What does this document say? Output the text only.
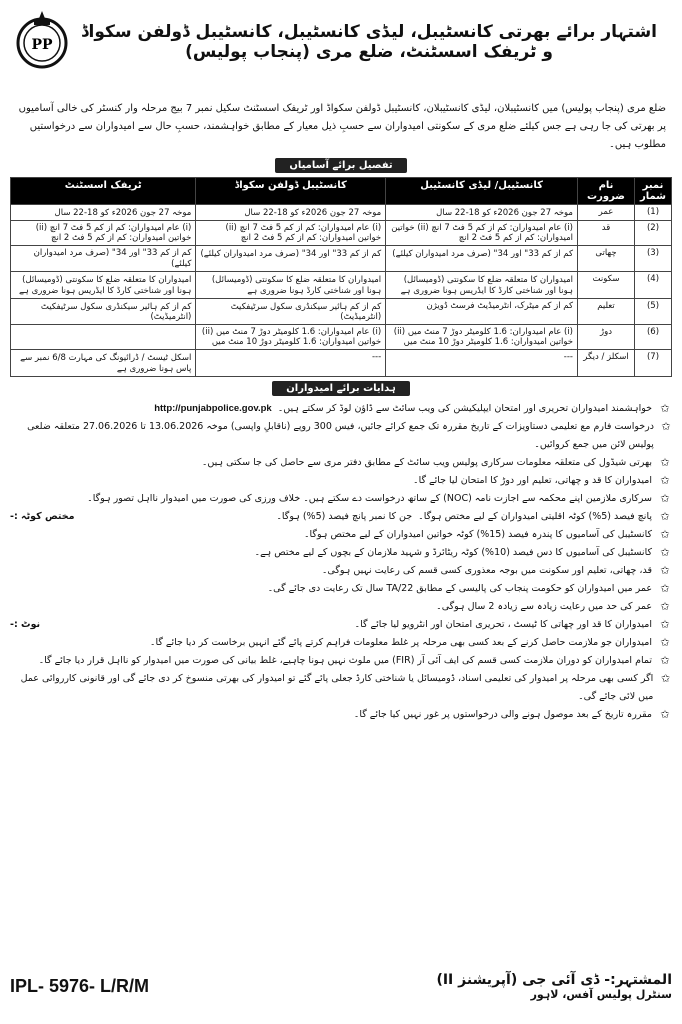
PP
اشتہار برائے بھرتی کانسٹیبل، لیڈی کانسٹیبل، کانسٹیبل ڈولفن سکواڈ و ٹریفک اسسٹنٹ، ضلع مری (پنجاب پولیس)
ضلع مری (پنجاب پولیس) میں کانسٹیبلان، لیڈی کانسٹیبلان، کانسٹیبل ڈولفن سکواڈ اور ٹریفک اسسٹنٹ سکیل نمبر 7 بیج مرحلہ وار کنسٹر کی خالی آسامیوں پر بھرتی کی جا رہی ہے جس کیلئے ضلع مری کے سکونتی امیدواران سے حسبِ ذیل معیار کے مطابق خواہشمند، حسبِ حال سے امیدواران سے درخواستیں مطلوب ہیں۔
تفصیل برائے آسامیاں
نمبر شمار	نام ضرورت	کانسٹیبل/ لیڈی کانسٹیبل	کانسٹیبل ڈولفن سکواڈ	ٹریفک اسسٹنٹ
(1)	عمر	موخہ 27 جون 2026ء کو 18-22 سال	موخہ 27 جون 2026ء کو 18-22 سال	موخہ 27 جون 2026ء کو 18-22 سال
(2)	قد	(i) عام امیدواران: کم از کم 5 فٹ 7 انچ (ii) خواتین امیدواران: کم از کم 5 فٹ 2 انچ	(i) عام امیدواران: کم از کم 5 فٹ 7 انچ (ii) خواتین امیدواران: کم از کم 5 فٹ 2 انچ	(i) عام امیدواران: کم از کم 5 فٹ 7 انچ (ii) خواتین امیدواران: کم از کم 5 فٹ 2 انچ
(3)	چھاتی	کم از کم 33" اور 34" (صرف مرد امیدواران کیلئے)	کم از کم 33" اور 34" (صرف مرد امیدواران کیلئے)	کم از کم 33" اور 34" (صرف مرد امیدواران کیلئے)
(4)	سکونت	امیدواران کا متعلقہ ضلع کا سکونتی (ڈومیسائل) ہونا اور شناختی کارڈ کا ایڈریس ہونا ضروری ہے	امیدواران کا متعلقہ ضلع کا سکونتی (ڈومیسائل) ہونا اور شناختی کارڈ ہونا ضروری ہے	امیدواران کا متعلقہ ضلع کا سکونتی (ڈومیسائل) ہونا اور شناختی کارڈ کا ایڈریس ہونا ضروری ہے
(5)	تعلیم	کم از کم میٹرک، انٹرمیڈیٹ فرسٹ ڈویژن	کم از کم ہائیر سیکنڈری سکول سرٹیفکیٹ (انٹرمیڈیٹ)	کم از کم ہائیر سیکنڈری سکول سرٹیفکیٹ (انٹرمیڈیٹ)
(6)	دوڑ	(i) عام امیدواران: 1.6 کلومیٹر دوڑ 7 منٹ میں (ii) خواتین امیدواران: 1.6 کلومیٹر دوڑ 10 منٹ میں	(i) عام امیدواران: 1.6 کلومیٹر دوڑ 7 منٹ میں (ii) خواتین امیدواران: 1.6 کلومیٹر دوڑ 10 منٹ میں	
(7)	اسکلز / دیگر	---	---	اسکل ٹیسٹ / ڈرائیونگ کی مہارت 6/8 نمبر سے پاس ہونا ضروری ہے
ہدایات برائے امیدواران
✩
خواہشمند امیدواران تحریری اور امتحان ایپلیکیشن کی ویب سائٹ سے ڈاؤن لوڈ کر سکتے ہیں۔
http://punjabpolice.gov.pk
✩
درخواست فارم مع تعلیمی دستاویزات کے تاریخ مقررہ تک جمع کرائے جائیں، فیس 300 روپے (ناقابلِ واپسی) موخہ 13.06.2026 تا 27.06.2026 متعلقہ ضلعی پولیس لائن میں جمع کروائیں۔
✩
بھرتی شیڈول کی متعلقہ معلومات سرکاری پولیس ویب سائٹ کے مطابق دفتر مری سے حاصل کی جا سکتی ہیں۔
✩
امیدواران کا قد و چھاتی، تعلیم اور دوڑ کا امتحان لیا جائے گا۔
✩
سرکاری ملازمین اپنے محکمہ سے اجازت نامہ (NOC) کے ساتھ درخواست دے سکتے ہیں۔ خلاف ورزی کی صورت میں امیدوار نااہل تصور ہوگا۔
✩
پانچ فیصد (5%) کوٹہ اقلیتی امیدواران کے لیے مختص ہوگا۔
جن کا نمبر پانچ فیصد (5%) ہوگا۔
مختص کوٹہ :-
✩
کانسٹیبل کی آسامیوں کا پندرہ فیصد (15%) کوٹہ خواتین امیدواران کے لیے مختص ہوگا۔
✩
کانسٹیبل کی آسامیوں کا دس فیصد (10%) کوٹہ ریٹائرڈ و شہید ملازمان کے بچوں کے لیے مختص ہے۔
✩
قد، چھاتی، تعلیم اور سکونت میں بوجہ معذوری کسی قسم کی رعایت نہیں ہوگی۔
✩
عمر میں امیدواران کو حکومت پنجاب کی پالیسی کے مطابق 22/TA سال تک رعایت دی جائے گی۔
✩
عمر کی حد میں رعایت زیادہ سے زیادہ 2 سال ہوگی۔
✩
امیدواران کا قد اور چھاتی کا ٹیسٹ ، تحریری امتحان اور انٹرویو لیا جائے گا۔
نوٹ :-
✩
امیدواران جو ملازمت حاصل کرنے کے بعد کسی بھی مرحلہ پر غلط معلومات فراہم کرتے پائے گئے انہیں برخاست کر دیا جائے گا۔
✩
تمام امیدواران کو دوران ملازمت کسی قسم کی ایف آئی آر (FIR) میں ملوث نہیں ہونا چاہیے، غلط بیانی کی صورت میں امیدوار کو نااہل قرار دیا جائے گا۔
✩
اگر کسی بھی مرحلہ پر امیدوار کی تعلیمی اسناد، ڈومیسائل یا شناختی کارڈ جعلی پائے گئے تو امیدوار کی بھرتی منسوخ کر دی جائے گی اور قانونی کارروائی عمل میں لائی جائے گی۔
✩
مقررہ تاریخ کے بعد موصول ہونے والی درخواستوں پر غور نہیں کیا جائے گا۔
IPL- 5976- L/R/M	المشتہر:- ڈی آئی جی (آپریشنز II)
سنٹرل پولیس آفس، لاہور
